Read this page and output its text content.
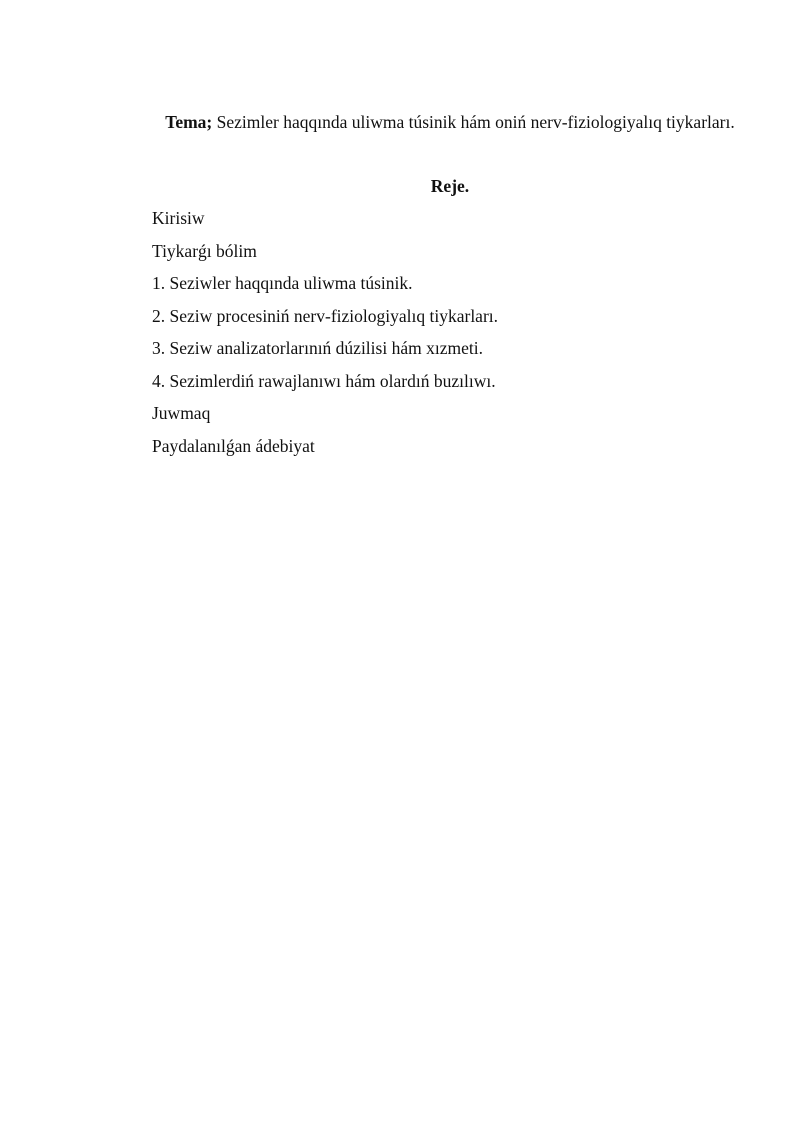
Tema; Sezimler haqqında uliwma túsinik hám oniń nerv-fiziologiyalıq tiykarları.

Reje.
Kirisiw
Tiykarǵı bólim
1. Seziwler haqqında uliwma túsinik.
2. Seziw procesiniń nerv-fiziologiyalıq tiykarları.
3. Seziw analizatorlarınıń dúzilisi hám xızmeti.
4. Sezimlerdiń rawajlanıwı hám olardıń buzılıwı.
Juwmaq
Paydalanılǵan ádebiyat
